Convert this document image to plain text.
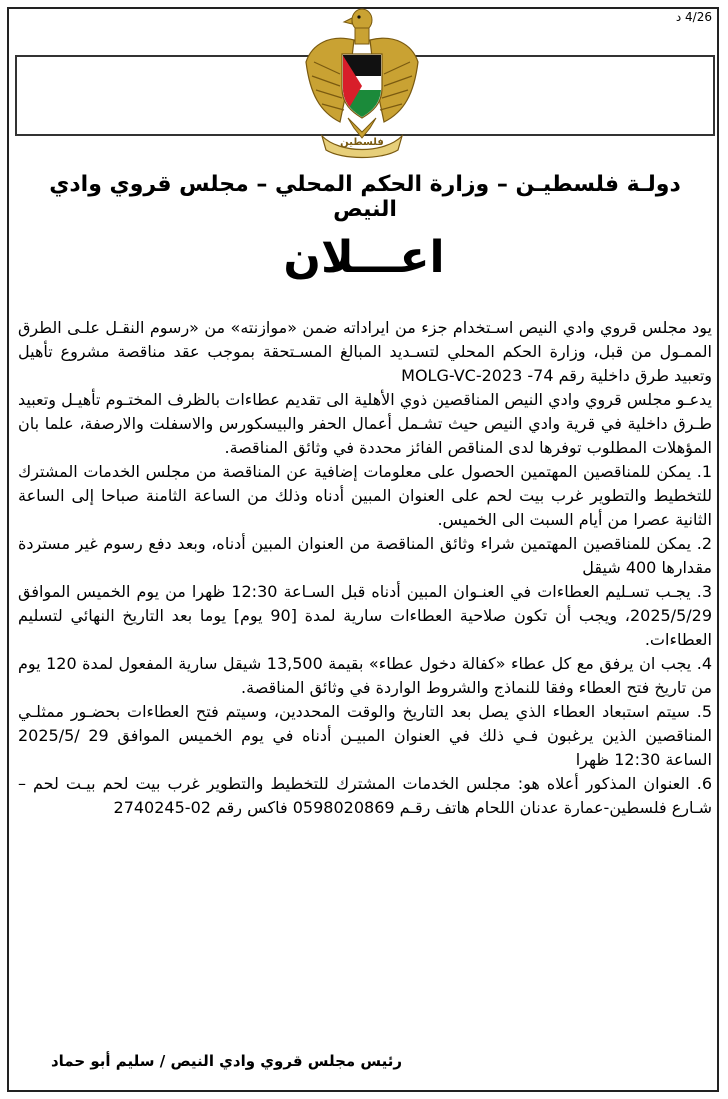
4/26 د
فلسطين
دولـة فلسطيـن – وزارة الحكم المحلي – مجلس قروي وادي النيص
اعـــلان

يود مجلس قروي وادي النيص اسـتخدام جزء من ايراداته ضمن «موازنته» من «رسوم النقـل علـى الطرق الممـول من قبل، وزارة الحكم المحلي لتسـديد المبالغ المسـتحقة بموجب عقد مناقصة مشروع تأهيل وتعبيد طرق داخلية رقم 74- MOLG-VC-2023

يدعـو مجلس قروي وادي النيص المناقصين ذوي الأهلية الى تقديم عطاءات بالظرف المختـوم تأهيـل وتعبيد طـرق داخلية في قرية وادي النيص حيث تشـمل أعمال الحفر والبيسكورس والاسفلت والارصفة، علما بان المؤهلات المطلوب توفرها لدى المناقص الفائز محددة في وثائق المناقصة.

1. يمكن للمناقصين المهتمين الحصول على معلومات إضافية عن المناقصة من مجلس الخدمات المشترك للتخطيط والتطوير غرب بيت لحم على العنوان المبين أدناه وذلك من الساعة الثامنة صباحا إلى الساعة الثانية عصرا من أيام السبت الى الخميس.

2. يمكن للمناقصين المهتمين شراء وثائق المناقصة من العنوان المبين أدناه، وبعد دفع رسوم غير مستردة مقدارها 400 شيقل

3. يجـب تسـليم العطاءات في العنـوان المبين أدناه قبل السـاعة 12:30 ظهرا من يوم الخميس الموافق 2025/5/29، ويجب أن تكون صلاحية العطاءات سارية لمدة [90 يوم] يوما بعد التاريخ النهائي لتسليم العطاءات.

4. يجب ان يرفق مع كل عطاء «كفالة دخول عطاء» بقيمة 13,500 شيقل سارية المفعول لمدة 120 يوم من تاريخ فتح العطاء وفقا للنماذج والشروط الواردة في وثائق المناقصة.

5. سيتم استبعاد العطاء الذي يصل بعد التاريخ والوقت المحددين، وسيتم فتح العطاءات بحضـور ممثلـي المناقصين الذين يرغبون فـي ذلك في العنوان المبيـن أدناه في يوم الخميس الموافق 29 /2025/5 الساعة 12:30 ظهرا

6. العنوان المذكور أعلاه هو: مجلس الخدمات المشترك للتخطيط والتطوير غرب بيت لحم بيـت لحم – شـارع فلسطين-عمارة عدنان اللحام هاتف رقـم 0598020869 فاكس رقم 02-2740245

رئيس مجلس قروي وادي النيص / سليم أبو حماد
